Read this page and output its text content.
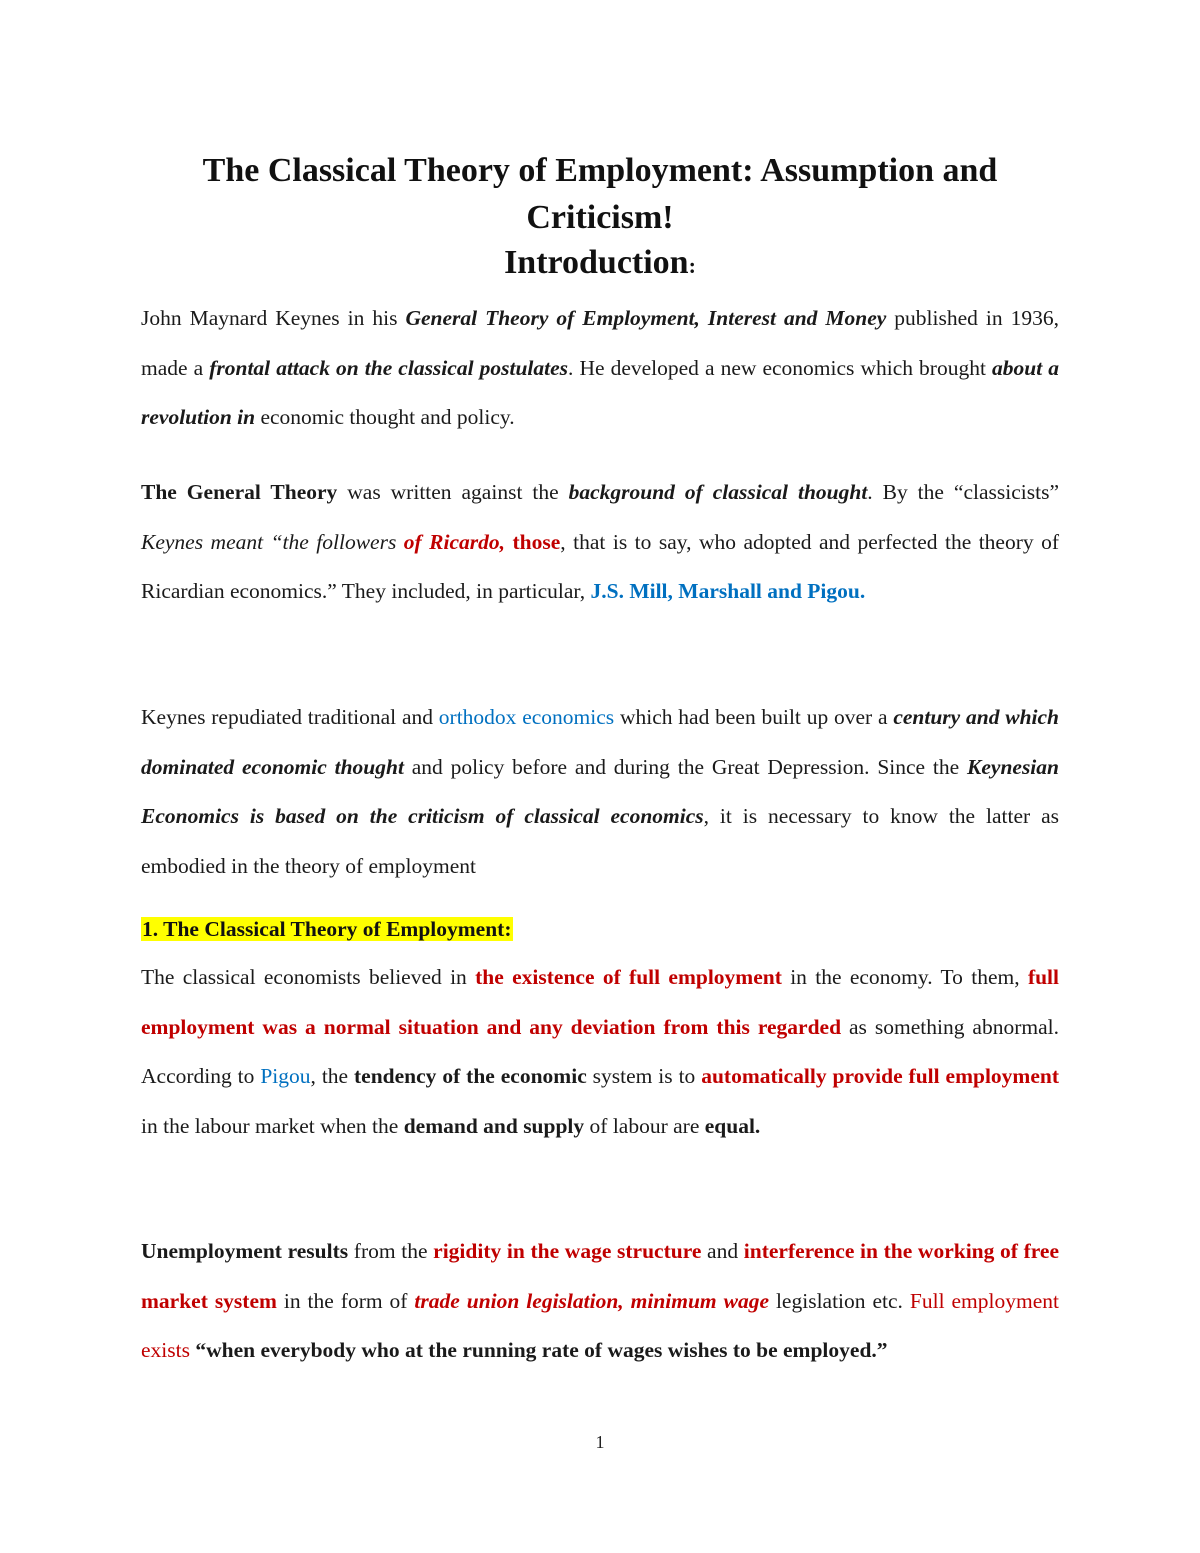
The Classical Theory of Employment: Assumption and
Criticism!
Introduction:

John Maynard Keynes in his General Theory of Employment, Interest and Money published in 1936, made a frontal attack on the classical postulates. He developed a new economics which brought about a revolution in economic thought and policy.

The General Theory was written against the background of classical thought. By the “classicists” Keynes meant “the followers of Ricardo, those, that is to say, who adopted and perfected the theory of Ricardian economics.” They included, in particular, J.S. Mill, Marshall and Pigou.

Keynes repudiated traditional and orthodox economics which had been built up over a century and which dominated economic thought and policy before and during the Great Depression. Since the Keynesian Economics is based on the criticism of classical economics, it is necessary to know the latter as embodied in the theory of employment

1. The Classical Theory of Employment:

The classical economists believed in the existence of full employment in the economy. To them, full employment was a normal situation and any deviation from this regarded as something abnormal. According to Pigou, the tendency of the economic system is to automatically provide full employment in the labour market when the demand and supply of labour are equal.

Unemployment results from the rigidity in the wage structure and interference in the working of free market system in the form of trade union legislation, minimum wage legislation etc. Full employment exists “when everybody who at the running rate of wages wishes to be employed.”

1
